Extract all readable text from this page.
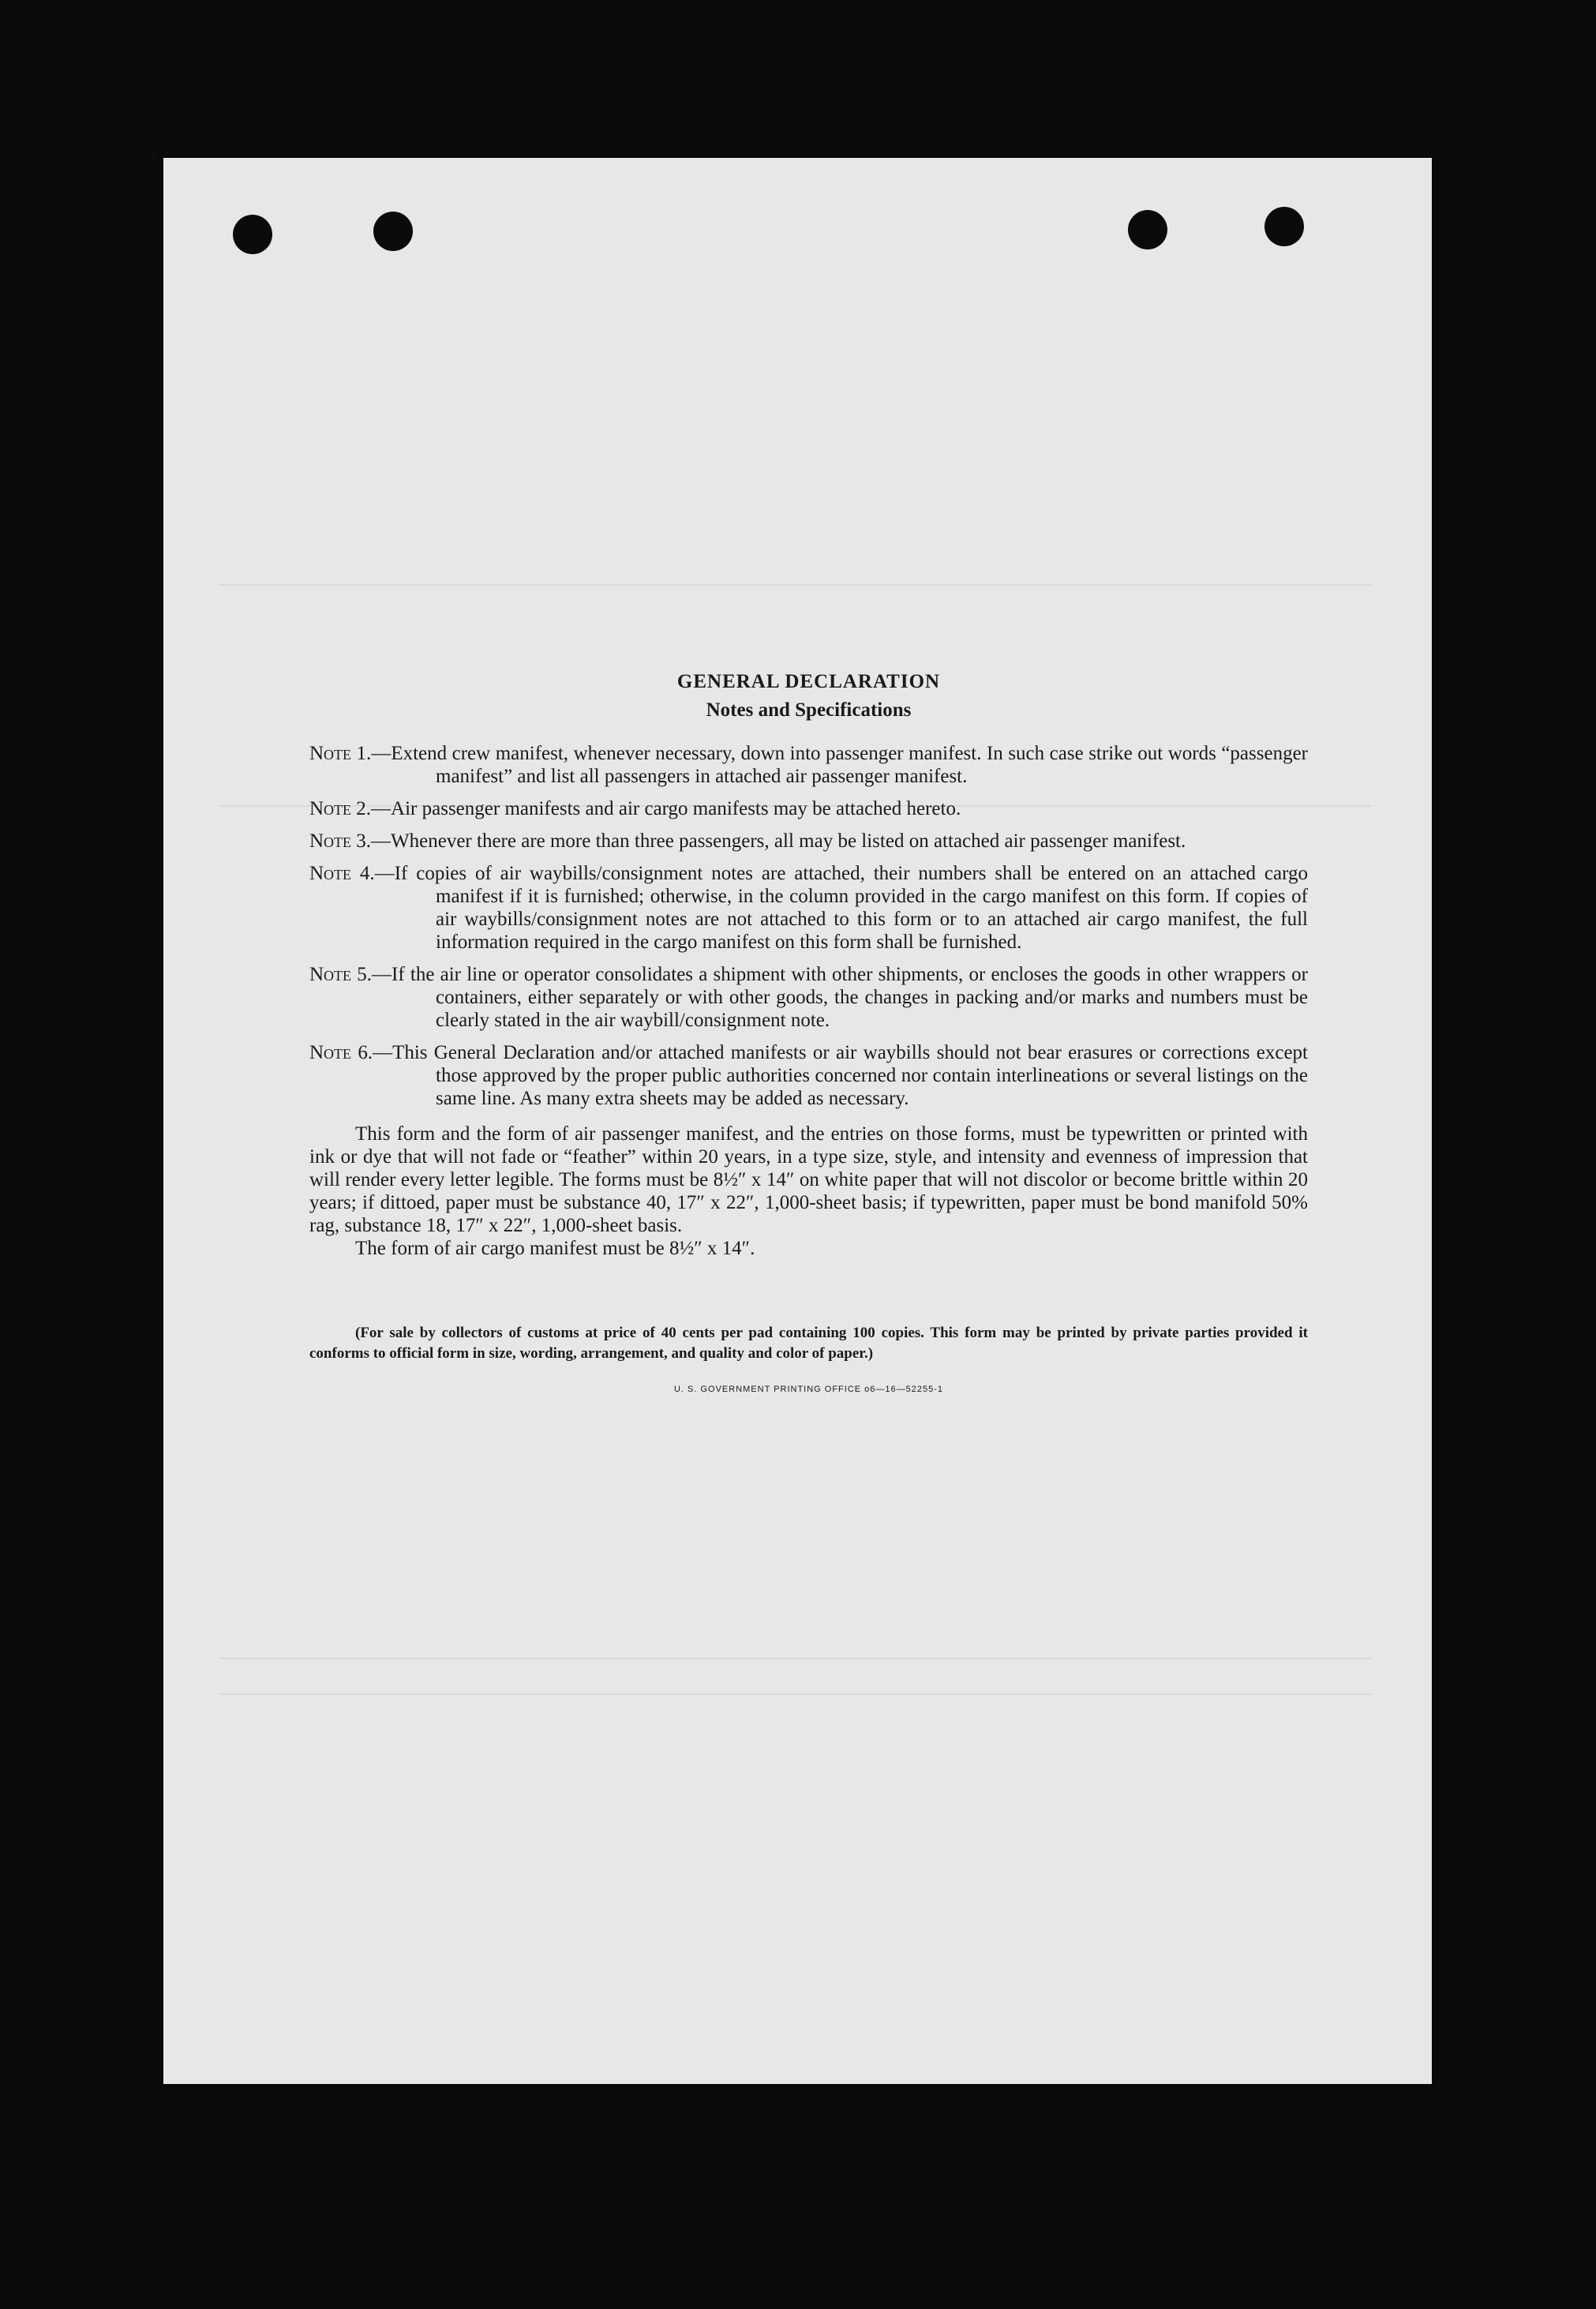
GENERAL DECLARATION
Notes and Specifications

Note 1.—Extend crew manifest, whenever necessary, down into passenger manifest. In such case strike out words “passenger manifest” and list all passengers in attached air passenger manifest.

Note 2.—Air passenger manifests and air cargo manifests may be attached hereto.

Note 3.—Whenever there are more than three passengers, all may be listed on attached air passenger manifest.

Note 4.—If copies of air waybills/consignment notes are attached, their numbers shall be entered on an attached cargo manifest if it is furnished; otherwise, in the column provided in the cargo manifest on this form. If copies of air waybills/consignment notes are not attached to this form or to an attached air cargo manifest, the full information required in the cargo manifest on this form shall be furnished.

Note 5.—If the air line or operator consolidates a shipment with other shipments, or encloses the goods in other wrappers or containers, either separately or with other goods, the changes in packing and/or marks and numbers must be clearly stated in the air waybill/consignment note.

Note 6.—This General Declaration and/or attached manifests or air waybills should not bear erasures or corrections except those approved by the proper public authorities concerned nor contain interlineations or several listings on the same line. As many extra sheets may be added as necessary.

This form and the form of air passenger manifest, and the entries on those forms, must be typewritten or printed with ink or dye that will not fade or “feather” within 20 years, in a type size, style, and intensity and evenness of impression that will render every letter legible. The forms must be 8½″ x 14″ on white paper that will not discolor or become brittle within 20 years; if dittoed, paper must be substance 40, 17″ x 22″, 1,000-sheet basis; if typewritten, paper must be bond manifold 50% rag, substance 18, 17″ x 22″, 1,000-sheet basis.

The form of air cargo manifest must be 8½″ x 14″.

(For sale by collectors of customs at price of 40 cents per pad containing 100 copies. This form may be printed by private parties provided it conforms to official form in size, wording, arrangement, and quality and color of paper.)

U. S. GOVERNMENT PRINTING OFFICE o6—16—52255-1
